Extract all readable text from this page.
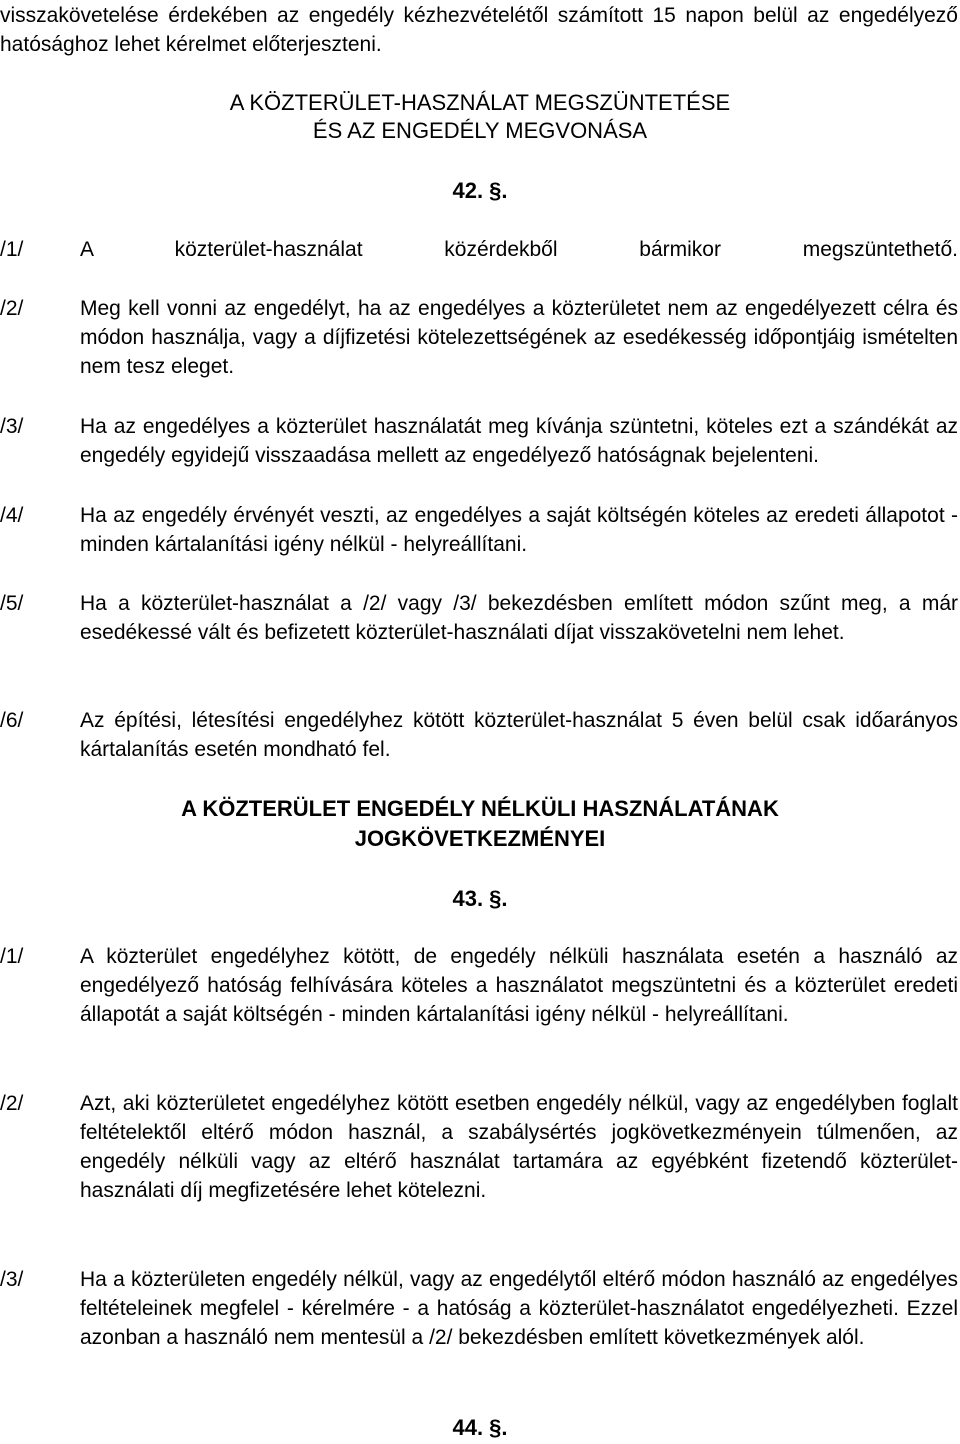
visszakövetelése érdekében az engedély kézhezvételétől számított 15 napon belül az engedélyező hatósághoz lehet kérelmet előterjeszteni.
A KÖZTERÜLET-HASZNÁLAT MEGSZÜNTETÉSE
ÉS AZ ENGEDÉLY MEGVONÁSA
42. §.
/1/	A közterület-használat közérdekből bármikor megszüntethető.
/2/	Meg kell vonni az engedélyt, ha az engedélyes a közterületet nem az engedélyezett célra és módon használja, vagy a díjfizetési kötelezettségének az esedékesség időpontjáig ismételten nem tesz eleget.
/3/	Ha az engedélyes a közterület használatát meg kívánja szüntetni, köteles ezt a szándékát az engedély egyidejű visszaadása mellett az engedélyező hatóságnak bejelenteni.
/4/	Ha az engedély érvényét veszti, az engedélyes a saját költségén köteles az eredeti állapotot - minden kártalanítási igény nélkül - helyreállítani.
/5/	Ha a közterület-használat a /2/ vagy /3/ bekezdésben említett módon szűnt meg, a már esedékessé vált és befizetett közterület-használati díjat visszakövetelni nem lehet.
/6/	Az építési, létesítési engedélyhez kötött közterület-használat 5 éven belül csak időarányos kártalanítás esetén mondható fel.
A KÖZTERÜLET ENGEDÉLY NÉLKÜLI HASZNÁLATÁNAK
JOGKÖVETKEZMÉNYEI
43. §.
/1/	A közterület engedélyhez kötött, de engedély nélküli használata esetén a használó az engedélyező hatóság felhívására köteles a használatot megszüntetni és a közterület eredeti állapotát a saját költségén - minden kártalanítási igény nélkül - helyreállítani.
/2/	Azt, aki közterületet engedélyhez kötött esetben engedély nélkül, vagy az engedélyben foglalt feltételektől eltérő módon használ, a szabálysértés jogkövetkezményein túlmenően, az engedély nélküli vagy az eltérő használat tartamára az egyébként fizetendő közterület-használati díj megfizetésére lehet kötelezni.
/3/	Ha a közterületen engedély nélkül, vagy az engedélytől eltérő módon használó az engedélyes feltételeinek megfelel - kérelmére - a hatóság a közterület-használatot engedélyezheti. Ezzel azonban a használó nem mentesül a /2/ bekezdésben említett következmények alól.
44. §.
